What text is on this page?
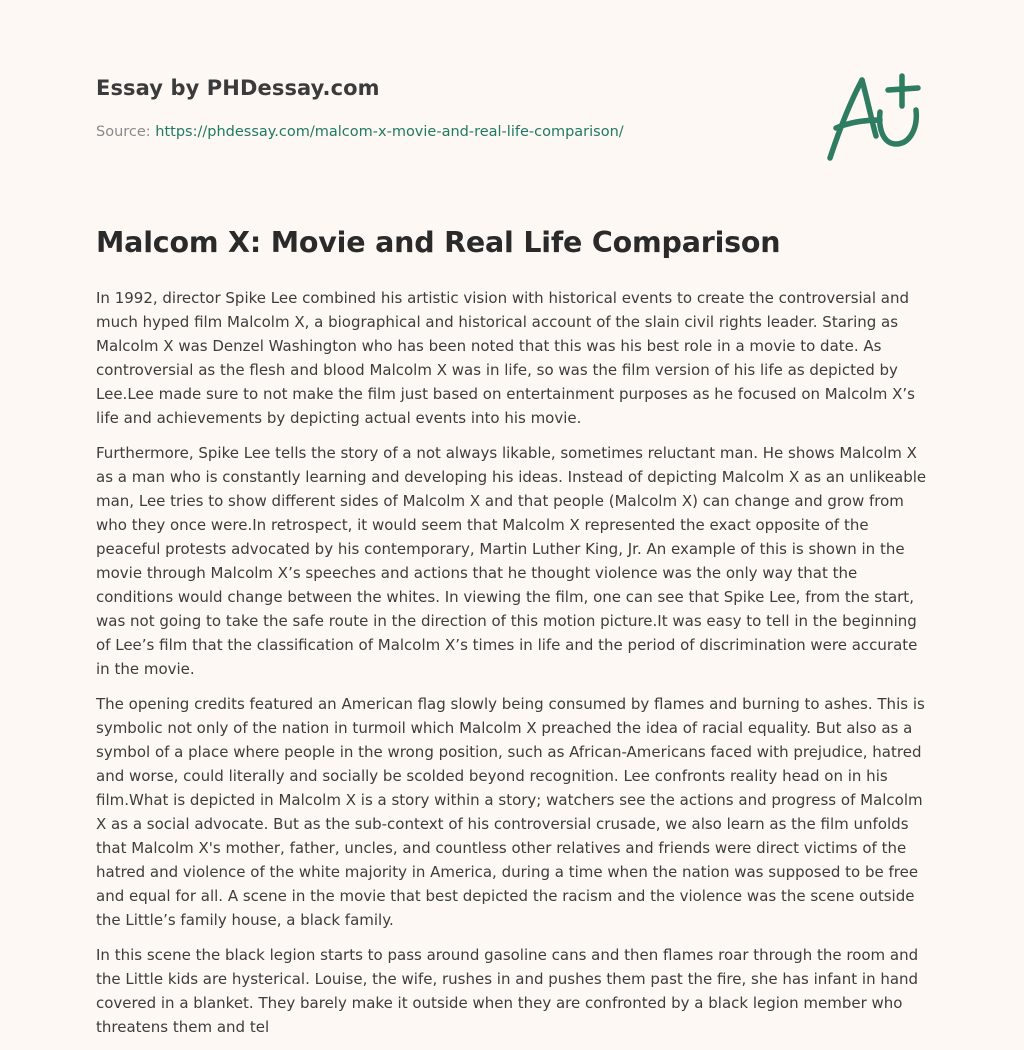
Essay by PHDessay.com
Source: https://phdessay.com/malcom-x-movie-and-real-life-comparison/
Malcom X: Movie and Real Life Comparison

In 1992, director Spike Lee combined his artistic vision with historical events to create the controversial and much hyped film Malcolm X, a biographical and historical account of the slain civil rights leader. Staring as Malcolm X was Denzel Washington who has been noted that this was his best role in a movie to date. As controversial as the flesh and blood Malcolm X was in life, so was the film version of his life as depicted by Lee.Lee made sure to not make the film just based on entertainment purposes as he focused on Malcolm X’s life and achievements by depicting actual events into his movie.

Furthermore, Spike Lee tells the story of a not always likable, sometimes reluctant man. He shows Malcolm X as a man who is constantly learning and developing his ideas. Instead of depicting Malcolm X as an unlikeable man, Lee tries to show different sides of Malcolm X and that people (Malcolm X) can change and grow from who they once were.In retrospect, it would seem that Malcolm X represented the exact opposite of the peaceful protests advocated by his contemporary, Martin Luther King, Jr. An example of this is shown in the movie through Malcolm X’s speeches and actions that he thought violence was the only way that the conditions would change between the whites. In viewing the film, one can see that Spike Lee, from the start, was not going to take the safe route in the direction of this motion picture.It was easy to tell in the beginning of Lee’s film that the classification of Malcolm X’s times in life and the period of discrimination were accurate in the movie.

The opening credits featured an American flag slowly being consumed by flames and burning to ashes. This is symbolic not only of the nation in turmoil which Malcolm X preached the idea of racial equality. But also as a symbol of a place where people in the wrong position, such as African-Americans faced with prejudice, hatred and worse, could literally and socially be scolded beyond recognition. Lee confronts reality head on in his film.What is depicted in Malcolm X is a story within a story; watchers see the actions and progress of Malcolm X as a social advocate. But as the sub-context of his controversial crusade, we also learn as the film unfolds that Malcolm X's mother, father, uncles, and countless other relatives and friends were direct victims of the hatred and violence of the white majority in America, during a time when the nation was supposed to be free and equal for all. A scene in the movie that best depicted the racism and the violence was the scene outside the Little’s family house, a black family.

In this scene the black legion starts to pass around gasoline cans and then flames roar through the room and the Little kids are hysterical. Louise, the wife, rushes in and pushes them past the fire, she has infant in hand covered in a blanket. They barely make it outside when they are confronted by a black legion member who threatens them and tel
